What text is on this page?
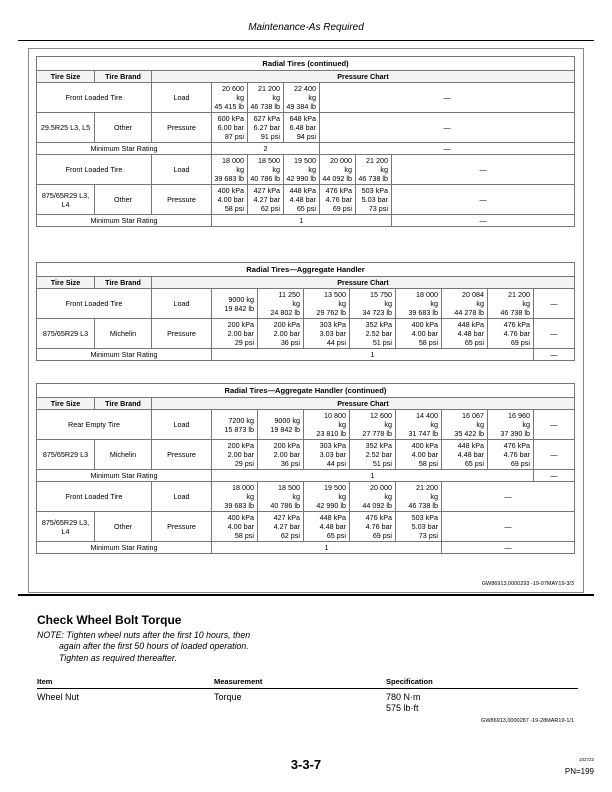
Maintenance-As Required
Radial Tires (continued)								
Tire Size	Tire Brand	Pressure Chart						
Front Loaded Tire		Load	20 600
kg
45 415 lb	21 200
kg
46 738 lb	22 400
kg
49 384 lb	—		
29.5R25 L3, L5	Other	Pressure	600 kPa
6.00 bar
87 psi	627 kPa
6.27 bar
91 psi	648 kPa
6.48 bar
94 psi	—		
Minimum Star Rating			2			—		
Front Loaded Tire		Load	18 000
kg
39 683 lb	18 500
kg
40 786 lb	19 500
kg
42 990 lb	20 000
kg
44 092 lb	21 200
kg
46 738 lb	—
875/65R29 L3, L4	Other	Pressure	400 kPa
4.00 bar
58 psi	427 kPa
4.27 bar
62 psi	448 kPa
4.48 bar
65 psi	476 kPa
4.76 bar
69 psi	503 kPa
5.03 bar
73 psi	—
Minimum Star Rating			1					—
Radial Tires—Aggregate Handler										
Tire Size	Tire Brand	Pressure Chart								
Front Loaded Tire		Load	9000 kg
19 842 lb	11 250
kg
24 802 lb	13 500
kg
29 762 lb	15 750
kg
34 723 lb	18 000
kg
39 683 lb	20 084
kg
44 278 lb	21 200
kg
46 738 lb	—
875/65R29 L3	Michelin	Pressure	200 kPa
2.00 bar
29 psi	200 kPa
2.00 bar
36 psi	303 kPa
3.03 bar
44 psi	352 kPa
2.52 bar
51 psi	400 kPa
4.00 bar
58 psi	448 kPa
4.48 bar
65 psi	476 kPa
4.76 bar
69 psi	—
Minimum Star Rating			1							—
Radial Tires—Aggregate Handler (continued)										
Tire Size	Tire Brand	Pressure Chart								
Rear Empty Tire		Load	7200 kg
15 873 lb	9000 kg
19 842 lb	10 800
kg
23 810 lb	12 600
kg
27 778 lb	14 400
kg
31 747 lb	16 067
kg
35 422 lb	16 960
kg
37 390 lb	—
875/65R29 L3	Michelin	Pressure	200 kPa
2.00 bar
29 psi	200 kPa
2.00 bar
36 psi	303 kPa
3.03 bar
44 psi	352 kPa
2.52 bar
51 psi	400 kPa
4.00 bar
58 psi	448 kPa
4.48 bar
65 psi	476 kPa
4.76 bar
69 psi	—
Minimum Star Rating			1							—
Front Loaded Tire		Load	18 000
kg
39 683 lb	18 500
kg
40 786 lb	19 500
kg
42 990 lb	20 000
kg
44 092 lb	21 200
kg
46 738 lb	—		
875/65R29 L3, L4	Other	Pressure	400 kPa
4.00 bar
58 psi	427 kPa
4.27 bar
62 psi	448 kPa
4.48 bar
65 psi	476 kPa
4.76 bar
69 psi	503 kPa
5.03 bar
73 psi	—		
Minimum Star Rating			1					—		
GW86913,0000293 -19-07MAY19-3/3
Check Wheel Bolt Torque
NOTE: Tighten wheel nuts after the first 10 hours, then
again after the first 50 hours of loaded operation.
Tighten as required thereafter.
Item	Measurement	Specification
Wheel Nut	Torque	780 N·m
575 lb·ft
GW86913,0000287 -19-28MAR19-1/1
3-3-7	102722
PN=199
